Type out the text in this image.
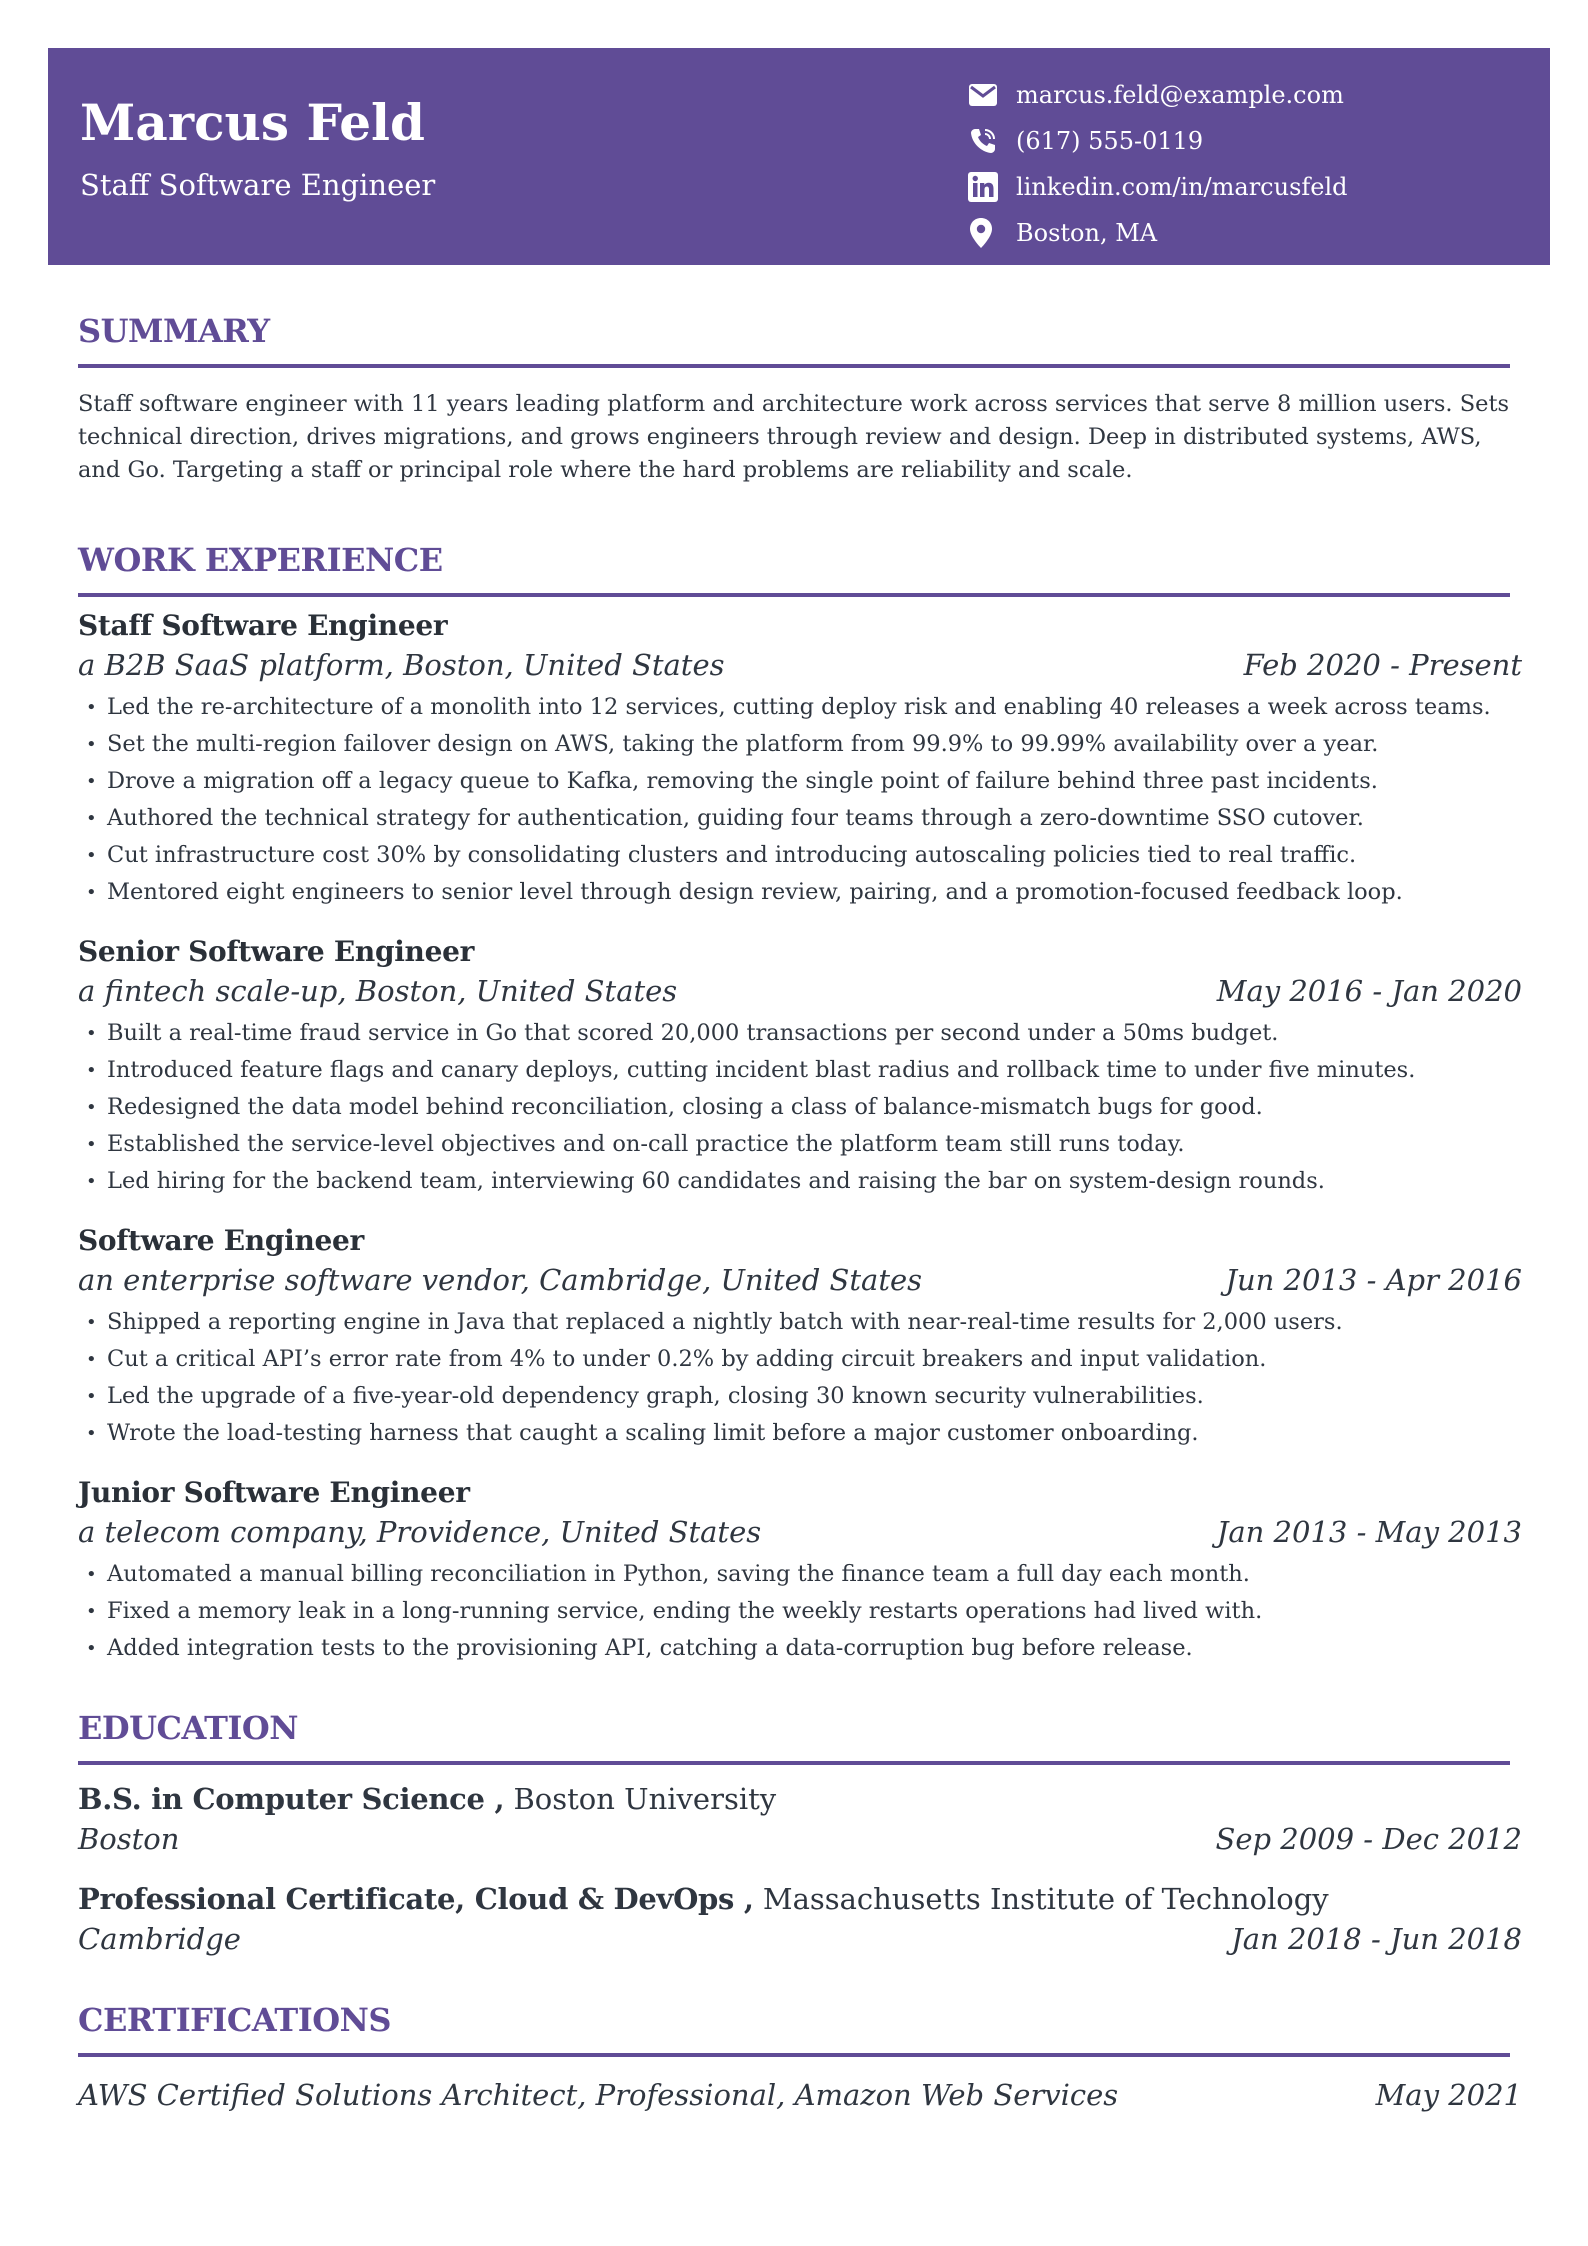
Marcus Feld
Staff Software Engineer
marcus.feld@example.com
(617) 555-0119
linkedin.com/in/marcusfeld
Boston, MA
SUMMARY
Staff software engineer with 11 years leading platform and architecture work across services that serve 8 million users. Sets technical direction, drives migrations, and grows engineers through review and design. Deep in distributed systems, AWS, and Go. Targeting a staff or principal role where the hard problems are reliability and scale.
WORK EXPERIENCE
Staff Software Engineer
a B2B SaaS platform, Boston, United States	Feb 2020 - Present
• Led the re-architecture of a monolith into 12 services, cutting deploy risk and enabling 40 releases a week across teams.
• Set the multi-region failover design on AWS, taking the platform from 99.9% to 99.99% availability over a year.
• Drove a migration off a legacy queue to Kafka, removing the single point of failure behind three past incidents.
• Authored the technical strategy for authentication, guiding four teams through a zero-downtime SSO cutover.
• Cut infrastructure cost 30% by consolidating clusters and introducing autoscaling policies tied to real traffic.
• Mentored eight engineers to senior level through design review, pairing, and a promotion-focused feedback loop.
Senior Software Engineer
a fintech scale-up, Boston, United States	May 2016 - Jan 2020
• Built a real-time fraud service in Go that scored 20,000 transactions per second under a 50ms budget.
• Introduced feature flags and canary deploys, cutting incident blast radius and rollback time to under five minutes.
• Redesigned the data model behind reconciliation, closing a class of balance-mismatch bugs for good.
• Established the service-level objectives and on-call practice the platform team still runs today.
• Led hiring for the backend team, interviewing 60 candidates and raising the bar on system-design rounds.
Software Engineer
an enterprise software vendor, Cambridge, United States	Jun 2013 - Apr 2016
• Shipped a reporting engine in Java that replaced a nightly batch with near-real-time results for 2,000 users.
• Cut a critical API’s error rate from 4% to under 0.2% by adding circuit breakers and input validation.
• Led the upgrade of a five-year-old dependency graph, closing 30 known security vulnerabilities.
• Wrote the load-testing harness that caught a scaling limit before a major customer onboarding.
Junior Software Engineer
a telecom company, Providence, United States	Jan 2013 - May 2013
• Automated a manual billing reconciliation in Python, saving the finance team a full day each month.
• Fixed a memory leak in a long-running service, ending the weekly restarts operations had lived with.
• Added integration tests to the provisioning API, catching a data-corruption bug before release.
EDUCATION
B.S. in Computer Science , Boston University
Boston	Sep 2009 - Dec 2012
Professional Certificate, Cloud & DevOps , Massachusetts Institute of Technology
Cambridge	Jan 2018 - Jun 2018
CERTIFICATIONS
AWS Certified Solutions Architect, Professional, Amazon Web Services	May 2021
